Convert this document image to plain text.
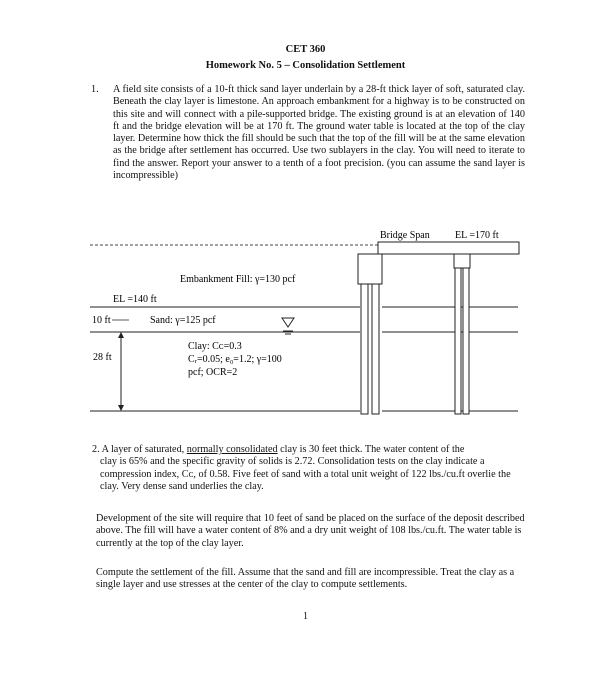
CET 360
Homework No. 5 – Consolidation Settlement
1. A field site consists of a 10-ft thick sand layer underlain by a 28-ft thick layer of soft, saturated clay. Beneath the clay layer is limestone. An approach embankment for a highway is to be constructed on this site and will connect with a pile-supported bridge. The existing ground is at an elevation of 140 ft and the bridge elevation will be at 170 ft. The ground water table is located at the top of the clay layer. Determine how thick the fill should be such that the top of the fill will be at the same elevation as the bridge after settlement has occurred. Use two sublayers in the clay. You will need to iterate to find the answer. Report your answer to a tenth of a foot precision. (you can assume the sand layer is incompressible)
Bridge Span	EL =170 ft
Embankment Fill: γ=130 pcf
EL =140 ft
10 ft	Sand: γ=125 pcf
28 ft
Clay: Cᴄ=0.3
Cᵣ=0.05; e₀=1.2; γ=100
pcf; OCR=2
2. A layer of saturated, normally consolidated clay is 30 feet thick. The water content of the
clay is 65% and the specific gravity of solids is 2.72. Consolidation tests on the clay indicate a compression index, Cᴄ, of 0.58. Five feet of sand with a total unit weight of 122 lbs./cu.ft overlie the clay. Very dense sand underlies the clay.
Development of the site will require that 10 feet of sand be placed on the surface of the deposit described above. The fill will have a water content of 8% and a dry unit weight of 108 lbs./cu.ft. The water table is currently at the top of the clay layer.
Compute the settlement of the fill. Assume that the sand and fill are incompressible. Treat the clay as a single layer and use stresses at the center of the clay to compute settlements.
1
